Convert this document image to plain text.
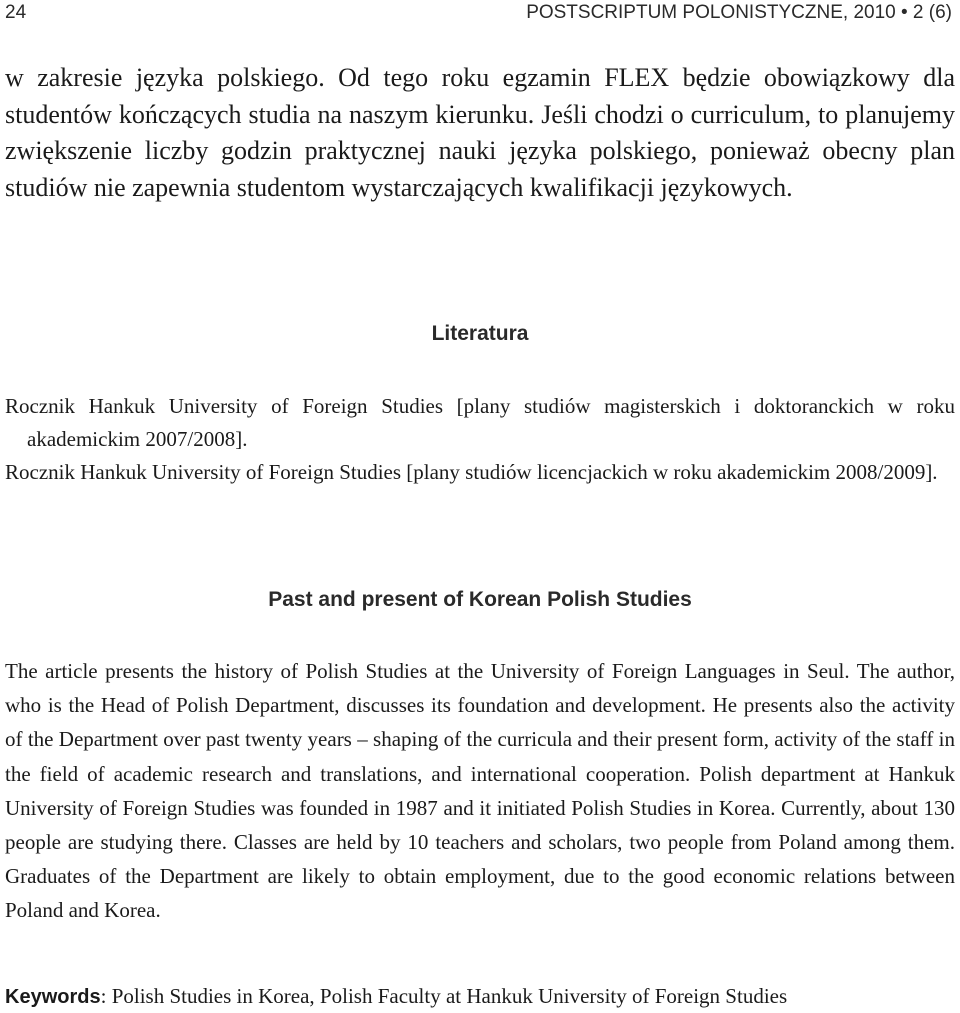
24	POSTSCRIPTUM POLONISTYCZNE, 2010 • 2 (6)

w zakresie języka polskiego. Od tego roku egzamin FLEX będzie obowiązkowy dla studentów kończących studia na naszym kierunku. Jeśli chodzi o curriculum, to planujemy zwiększenie liczby godzin praktycznej nauki języka polskiego, ponieważ obecny plan studiów nie zapewnia studentom wystarczających kwalifikacji językowych.

Literatura
Rocznik Hankuk University of Foreign Studies [plany studiów magisterskich i doktoranckich w roku akademickim 2007/2008].
Rocznik Hankuk University of Foreign Studies [plany studiów licencjackich w roku akademickim 2008/2009].
Past and present of Korean Polish Studies

The article presents the history of Polish Studies at the University of Foreign Languages in Seul. The author, who is the Head of Polish Department, discusses its foundation and development. He presents also the activity of the Department over past twenty years – shaping of the curricula and their present form, activity of the staff in the field of academic research and translations, and international cooperation. Polish department at Hankuk University of Foreign Studies was founded in 1987 and it initiated Polish Studies in Korea. Currently, about 130 people are studying there. Classes are held by 10 teachers and scholars, two people from Poland among them. Graduates of the Department are likely to obtain employment, due to the good economic relations between Poland and Korea.

Keywords: Polish Studies in Korea, Polish Faculty at Hankuk University of Foreign Studies
